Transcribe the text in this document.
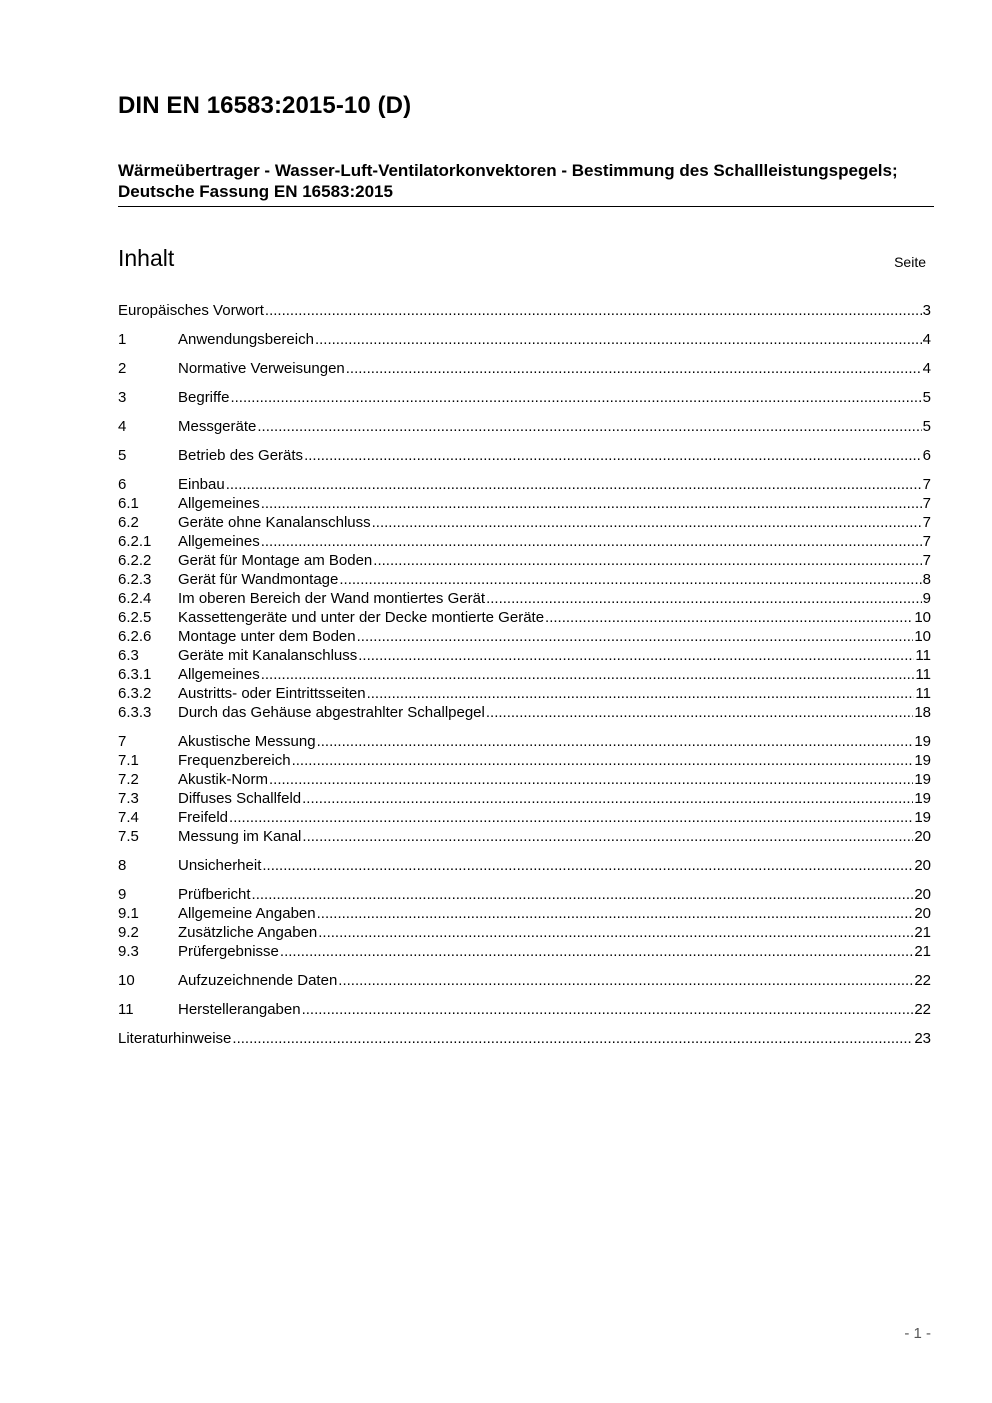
DIN EN 16583:2015-10 (D)
Wärmeübertrager - Wasser-Luft-Ventilatorkonvektoren - Bestimmung des Schallleistungspegels; Deutsche Fassung EN 16583:2015
Inhalt	Seite
Europäisches Vorwort .....	3
1	Anwendungsbereich .....	4
2	Normative Verweisungen .....	4
3	Begriffe .....	5
4	Messgeräte .....	5
5	Betrieb des Geräts .....	6
6	Einbau .....	7
6.1	Allgemeines .....	7
6.2	Geräte ohne Kanalanschluss .....	7
6.2.1	Allgemeines .....	7
6.2.2	Gerät für Montage am Boden .....	7
6.2.3	Gerät für Wandmontage .....	8
6.2.4	Im oberen Bereich der Wand montiertes Gerät .....	9
6.2.5	Kassettengeräte und unter der Decke montierte Geräte .....	10
6.2.6	Montage unter dem Boden .....	10
6.3	Geräte mit Kanalanschluss .....	11
6.3.1	Allgemeines .....	11
6.3.2	Austritts- oder Eintrittsseiten .....	11
6.3.3	Durch das Gehäuse abgestrahlter Schallpegel .....	18
7	Akustische Messung .....	19
7.1	Frequenzbereich .....	19
7.2	Akustik-Norm .....	19
7.3	Diffuses Schallfeld .....	19
7.4	Freifeld .....	19
7.5	Messung im Kanal .....	20
8	Unsicherheit .....	20
9	Prüfbericht .....	20
9.1	Allgemeine Angaben .....	20
9.2	Zusätzliche Angaben .....	21
9.3	Prüfergebnisse .....	21
10	Aufzuzeichnende Daten .....	22
11	Herstellerangaben .....	22
Literaturhinweise .....	23
- 1 -
